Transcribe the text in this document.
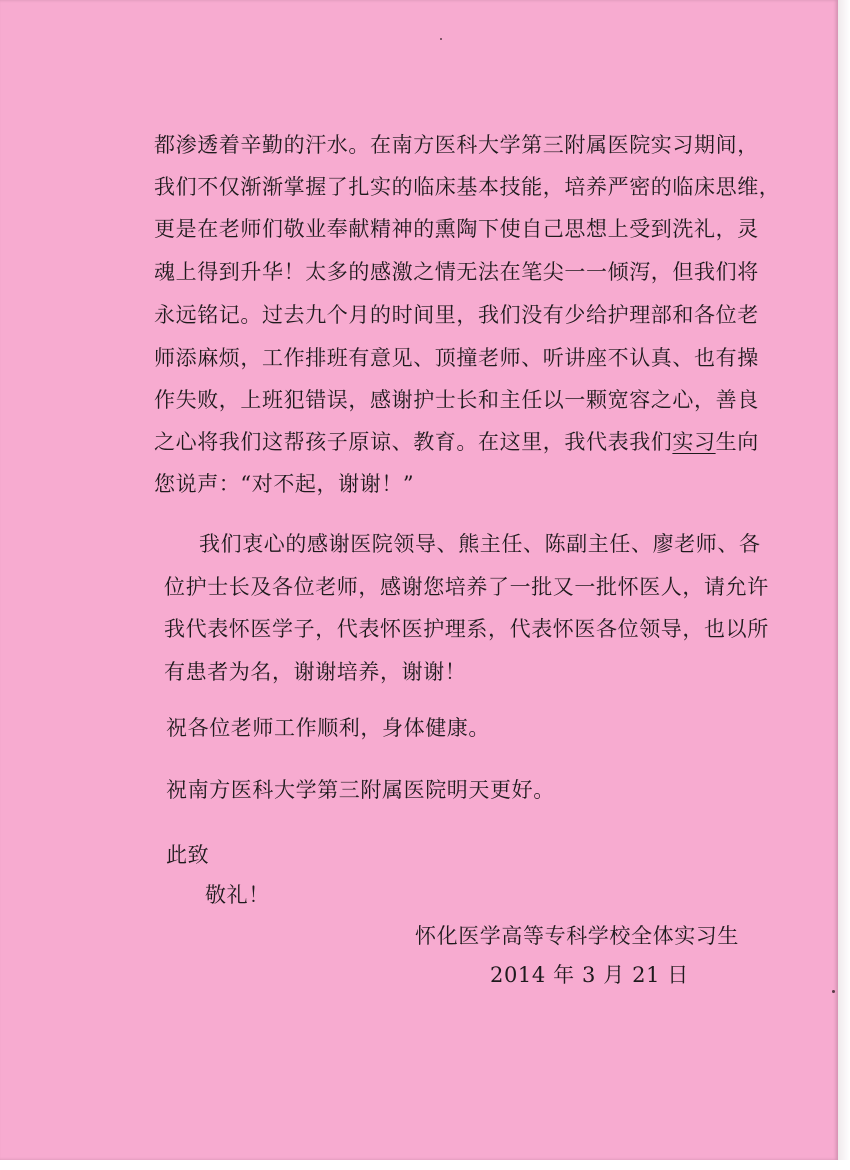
都渗透着辛勤的汗水。在南方医科大学第三附属医院实习期间，
我们不仅渐渐掌握了扎实的临床基本技能，培养严密的临床思维，
更是在老师们敬业奉献精神的熏陶下使自己思想上受到洗礼，灵
魂上得到升华！太多的感激之情无法在笔尖一一倾泻，但我们将
永远铭记。过去九个月的时间里，我们没有少给护理部和各位老
师添麻烦，工作排班有意见、顶撞老师、听讲座不认真、也有操
作失败，上班犯错误，感谢护士长和主任以一颗宽容之心，善良
之心将我们这帮孩子原谅、教育。在这里，我代表我们实习生向
您说声：“对不起，谢谢！”
我们衷心的感谢医院领导、熊主任、陈副主任、廖老师、各
位护士长及各位老师，感谢您培养了一批又一批怀医人，请允许
我代表怀医学子，代表怀医护理系，代表怀医各位领导，也以所
有患者为名，谢谢培养，谢谢！
祝各位老师工作顺利，身体健康。
祝南方医科大学第三附属医院明天更好。
此致
敬礼！
怀化医学高等专科学校全体实习生
2014 年 3 月 21 日
